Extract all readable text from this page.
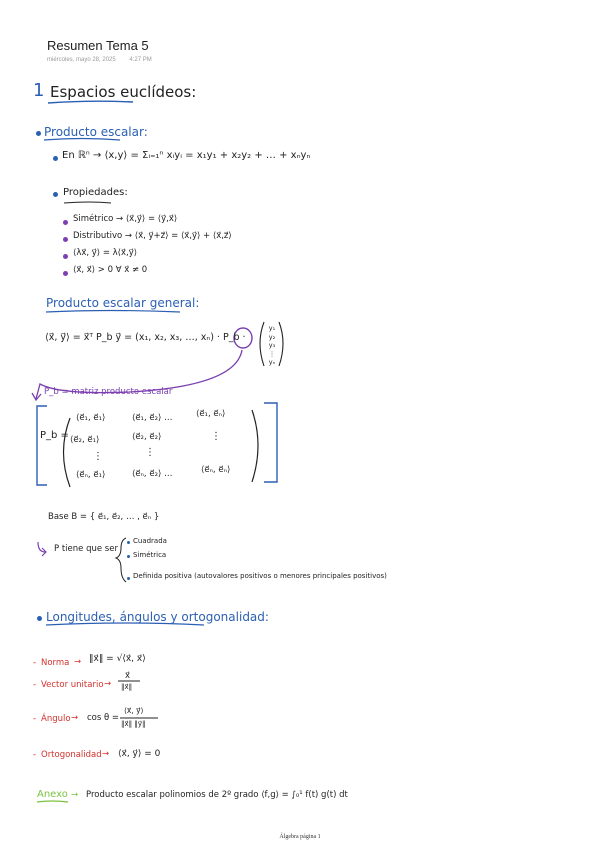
Resumen Tema 5
miércoles, mayo 28, 2025 4:27 PM
1 Espacios euclídeos:
Producto escalar:
En ℝⁿ → ⟨x,y⟩ = Σᵢ₌₁ⁿ xᵢyᵢ = x₁y₁ + x₂y₂ + … + xₙyₙ
Propiedades:
Simétrico → ⟨x⃗,y⃗⟩ = ⟨y⃗,x⃗⟩
Distributivo → ⟨x⃗, y⃗+z⃗⟩ = ⟨x⃗,y⃗⟩ + ⟨x⃗,z⃗⟩
⟨λx⃗, y⃗⟩ = λ⟨x⃗,y⃗⟩
⟨x⃗, x⃗⟩ > 0 ∀ x⃗ ≠ 0
Producto escalar general:
⟨x⃗, y⃗⟩ = x⃗ᵀ P_b y⃗ = (x₁, x₂, x₃, …, xₙ) · P_b ·
y₁
y₂
y₃
⋮
yₙ
P_b = matriz producto escalar
P_b =
⟨e⃗₁, e⃗₁⟩	⟨e⃗₁, e⃗₂⟩ …	⟨e⃗₁, e⃗ₙ⟩
⟨e⃗₂, e⃗₁⟩	⟨e⃗₂, e⃗₂⟩	⋮
⋮	⋮
⟨e⃗ₙ, e⃗₁⟩	⟨e⃗ₙ, e⃗₂⟩ …	⟨e⃗ₙ, e⃗ₙ⟩
Base B = { e⃗₁, e⃗₂, … , e⃗ₙ }
P tiene que ser
Cuadrada
Simétrica
Definida positiva (autovalores positivos o menores principales positivos)
Longitudes, ángulos y ortogonalidad:
- Norma → ‖x⃗‖ = √⟨x⃗, x⃗⟩
- Vector unitario →
x⃗
‖x⃗‖
- Ángulo → cos θ =
⟨x⃗, y⃗⟩
‖x⃗‖ ‖y⃗‖
- Ortogonalidad → ⟨x⃗, y⃗⟩ = 0
Anexo → Producto escalar polinomios de 2º grado ⟨f,g⟩ = ∫₀¹ f(t) g(t) dt
Álgebra página 1
